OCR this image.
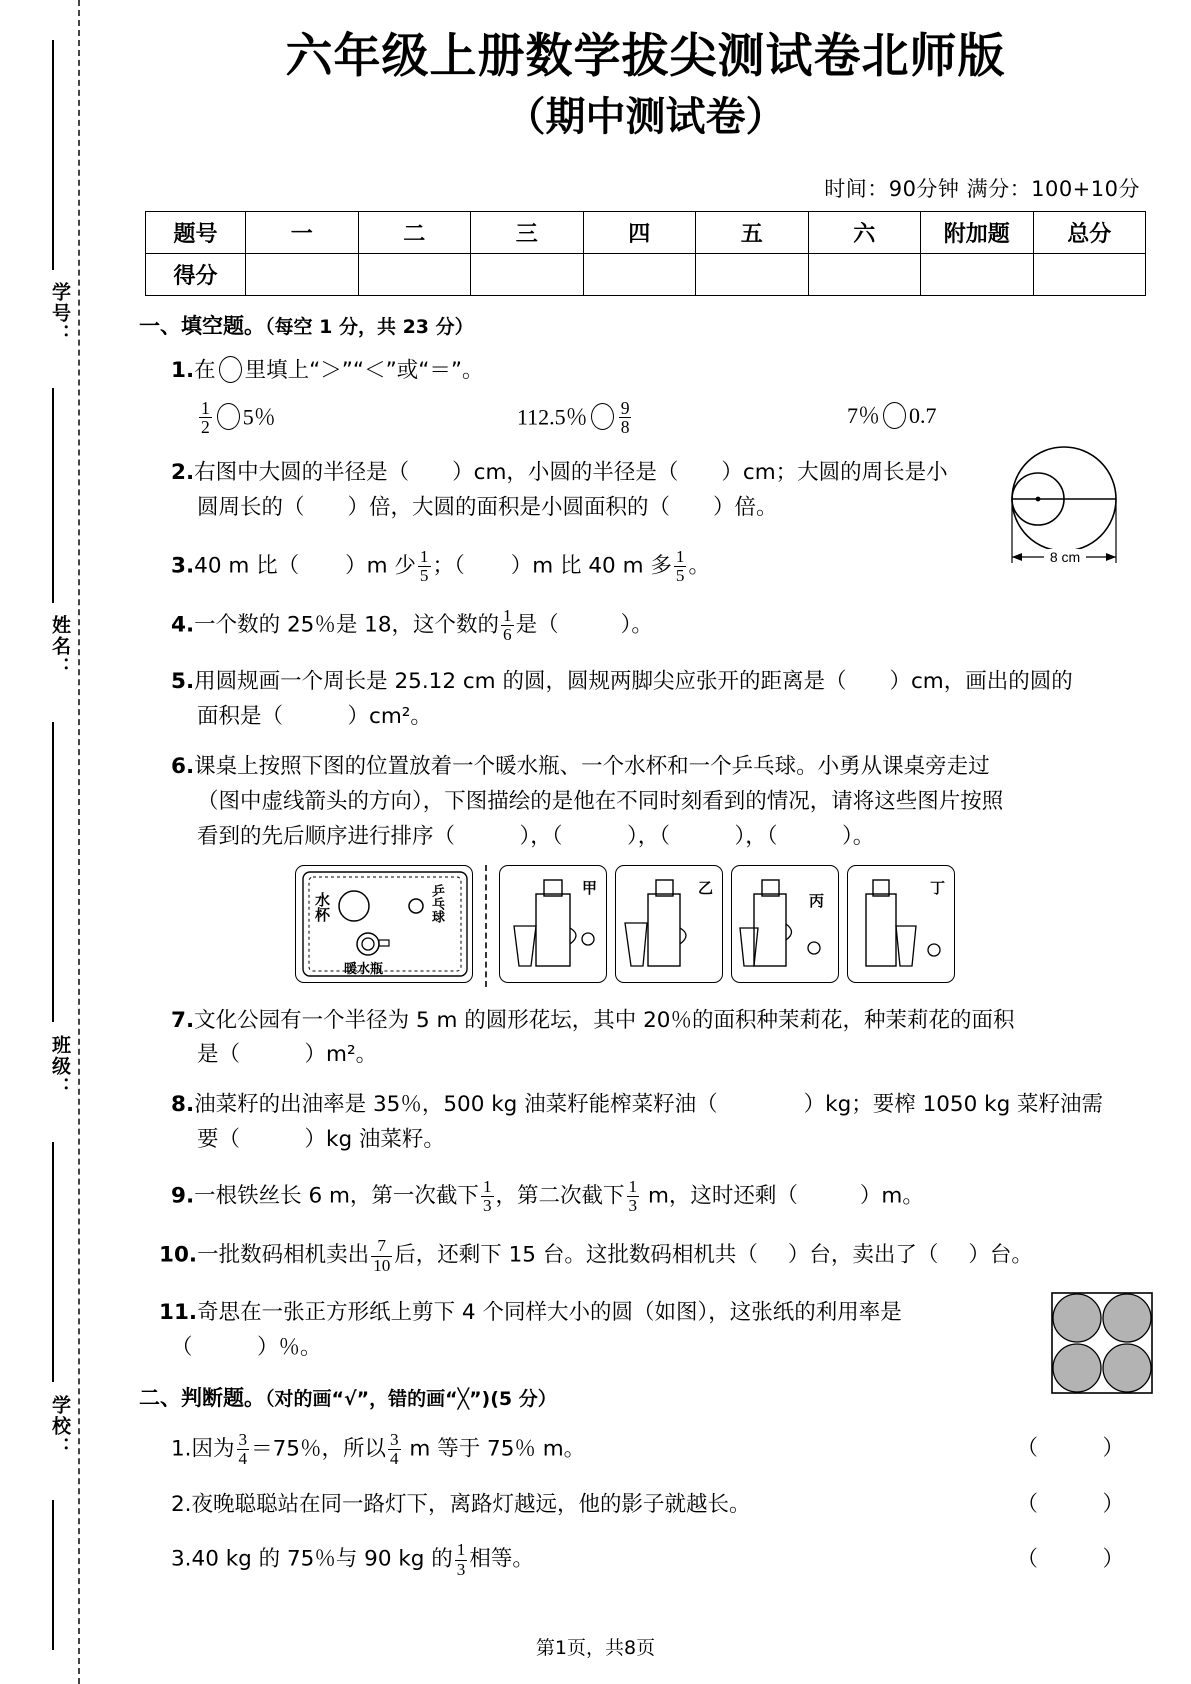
学号：
姓名：
班级：
学校：
六年级上册数学拔尖测试卷北师版
（期中测试卷）
时间：90分钟 满分：100+10分
题号	一	二	三	四	五	六	附加题	总分
得分								
一、填空题。（每空 1 分，共 23 分）
1.在 里填上“＞”“＜”或“＝”。
$\frac{1}{2} 5$％	112.5％ $\frac{9}{8}$	7％ 0.7
2.右图中大圆的半径是（　　）cm，小圆的半径是（　　）cm；大圆的周长是小
圆周长的（　　）倍，大圆的面积是小圆面积的（　　）倍。
8 cm
3.40 m 比（ ）m 少 $\frac{1}{5}$ ；（ ）m 比 40 m 多 $\frac{1}{5}$ 。
4.一个数的 25％是 18，这个数的 $\frac{1}{6}$ 是（	）。
5.用圆规画一个周长是 25.12 cm 的圆，圆规两脚尖应张开的距离是（　　）cm，画出的圆的
面积是（　　　）cm²。
6.课桌上按照下图的位置放着一个暖水瓶、一个水杯和一个乒乓球。小勇从课桌旁走过
（图中虚线箭头的方向），下图描绘的是他在不同时刻看到的情况，请将这些图片按照
看到的先后顺序进行排序（　　　），（　　　），（　　　），（　　　）。
水杯	乒乓球
暖水瓶
甲	乙
丙
丁
7.文化公园有一个半径为 5 m 的圆形花坛，其中 20％的面积种茉莉花，种茉莉花的面积
是（　　　）m²。
8.油菜籽的出油率是 35％，500 kg 油菜籽能榨菜籽油（　　　　）kg；要榨 1050 kg 菜籽油需
要（　　　）kg 油菜籽。
9.一根铁丝长 6 m，第一次截下 $\frac{1}{3}$ ，第二次截下 $\frac{1}{3}$ m，这时还剩（	）m。
10.一批数码相机卖出 $\frac{7}{10}$ 后，还剩下 15 台。这批数码相机共（ ）台，卖出了（ ）台。
11.奇思在一张正方形纸上剪下 4 个同样大小的圆（如图），这张纸的利用率是
（　　　）％。
二、判断题。（对的画“√”，错的画“╳”)(5 分）
1.因为 $\frac{3}{4} =75$％，所以 $\frac{3}{4}$ m 等于 75％ m。	（　　　）
2.夜晚聪聪站在同一路灯下，离路灯越远，他的影子就越长。	（　　　）
3.40 kg 的 75％与 90 kg 的 $\frac{1}{3}$ 相等。	（　　　）
第1页，共8页
